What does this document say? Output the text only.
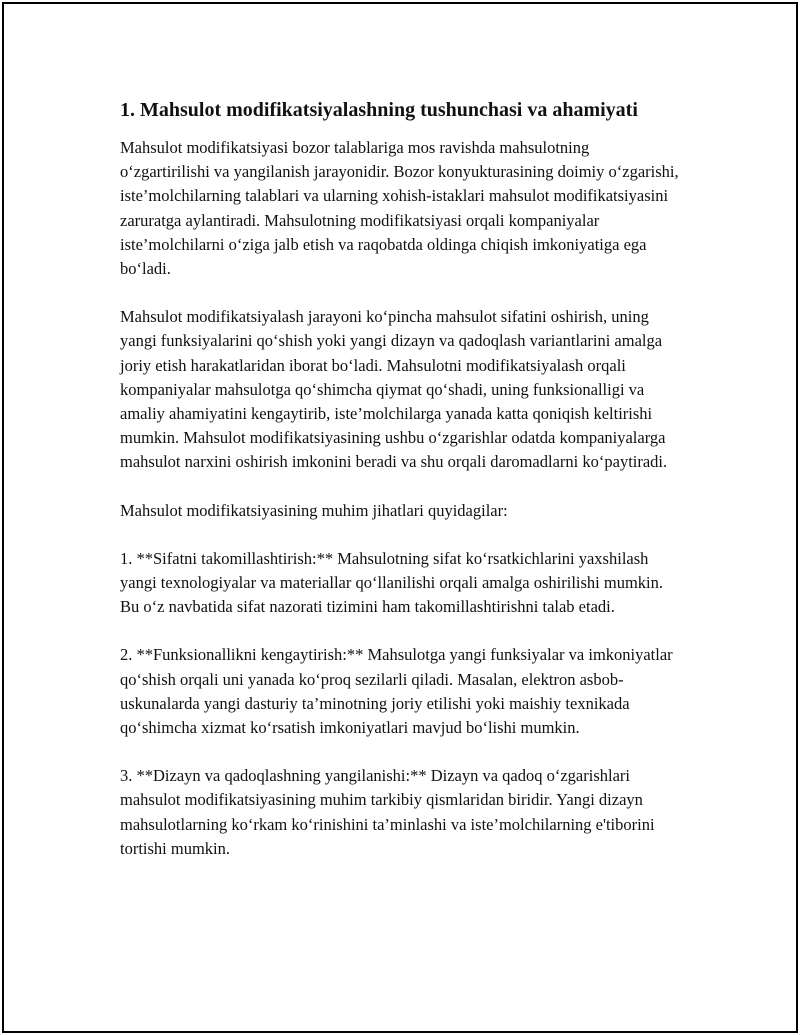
1. Mahsulot modifikatsiyalashning tushunchasi va ahamiyati

Mahsulot modifikatsiyasi bozor talablariga mos ravishda mahsulotning o‘zgartirilishi va yangilanish jarayonidir. Bozor konyukturasining doimiy o‘zgarishi, iste’molchilarning talablari va ularning xohish-istaklari mahsulot modifikatsiyasini zaruratga aylantiradi. Mahsulotning modifikatsiyasi orqali kompaniyalar iste’molchilarni o‘ziga jalb etish va raqobatda oldinga chiqish imkoniyatiga ega bo‘ladi.

Mahsulot modifikatsiyalash jarayoni ko‘pincha mahsulot sifatini oshirish, uning yangi funksiyalarini qo‘shish yoki yangi dizayn va qadoqlash variantlarini amalga joriy etish harakatlaridan iborat bo‘ladi. Mahsulotni modifikatsiyalash orqali kompaniyalar mahsulotga qo‘shimcha qiymat qo‘shadi, uning funksionalligi va amaliy ahamiyatini kengaytirib, iste’molchilarga yanada katta qoniqish keltirishi mumkin. Mahsulot modifikatsiyasining ushbu o‘zgarishlar odatda kompaniyalarga mahsulot narxini oshirish imkonini beradi va shu orqali daromadlarni ko‘paytiradi.

Mahsulot modifikatsiyasining muhim jihatlari quyidagilar:

1. **Sifatni takomillashtirish:** Mahsulotning sifat ko‘rsatkichlarini yaxshilash yangi texnologiyalar va materiallar qo‘llanilishi orqali amalga oshirilishi mumkin. Bu o‘z navbatida sifat nazorati tizimini ham takomillashtirishni talab etadi.

2. **Funksionallikni kengaytirish:** Mahsulotga yangi funksiyalar va imkoniyatlar qo‘shish orqali uni yanada ko‘proq sezilarli qiladi. Masalan, elektron asbob-uskunalarda yangi dasturiy ta’minotning joriy etilishi yoki maishiy texnikada qo‘shimcha xizmat ko‘rsatish imkoniyatlari mavjud bo‘lishi mumkin.

3. **Dizayn va qadoqlashning yangilanishi:** Dizayn va qadoq o‘zgarishlari mahsulot modifikatsiyasining muhim tarkibiy qismlaridan biridir. Yangi dizayn mahsulotlarning ko‘rkam ko‘rinishini ta’minlashi va iste’molchilarning e'tiborini tortishi mumkin.
